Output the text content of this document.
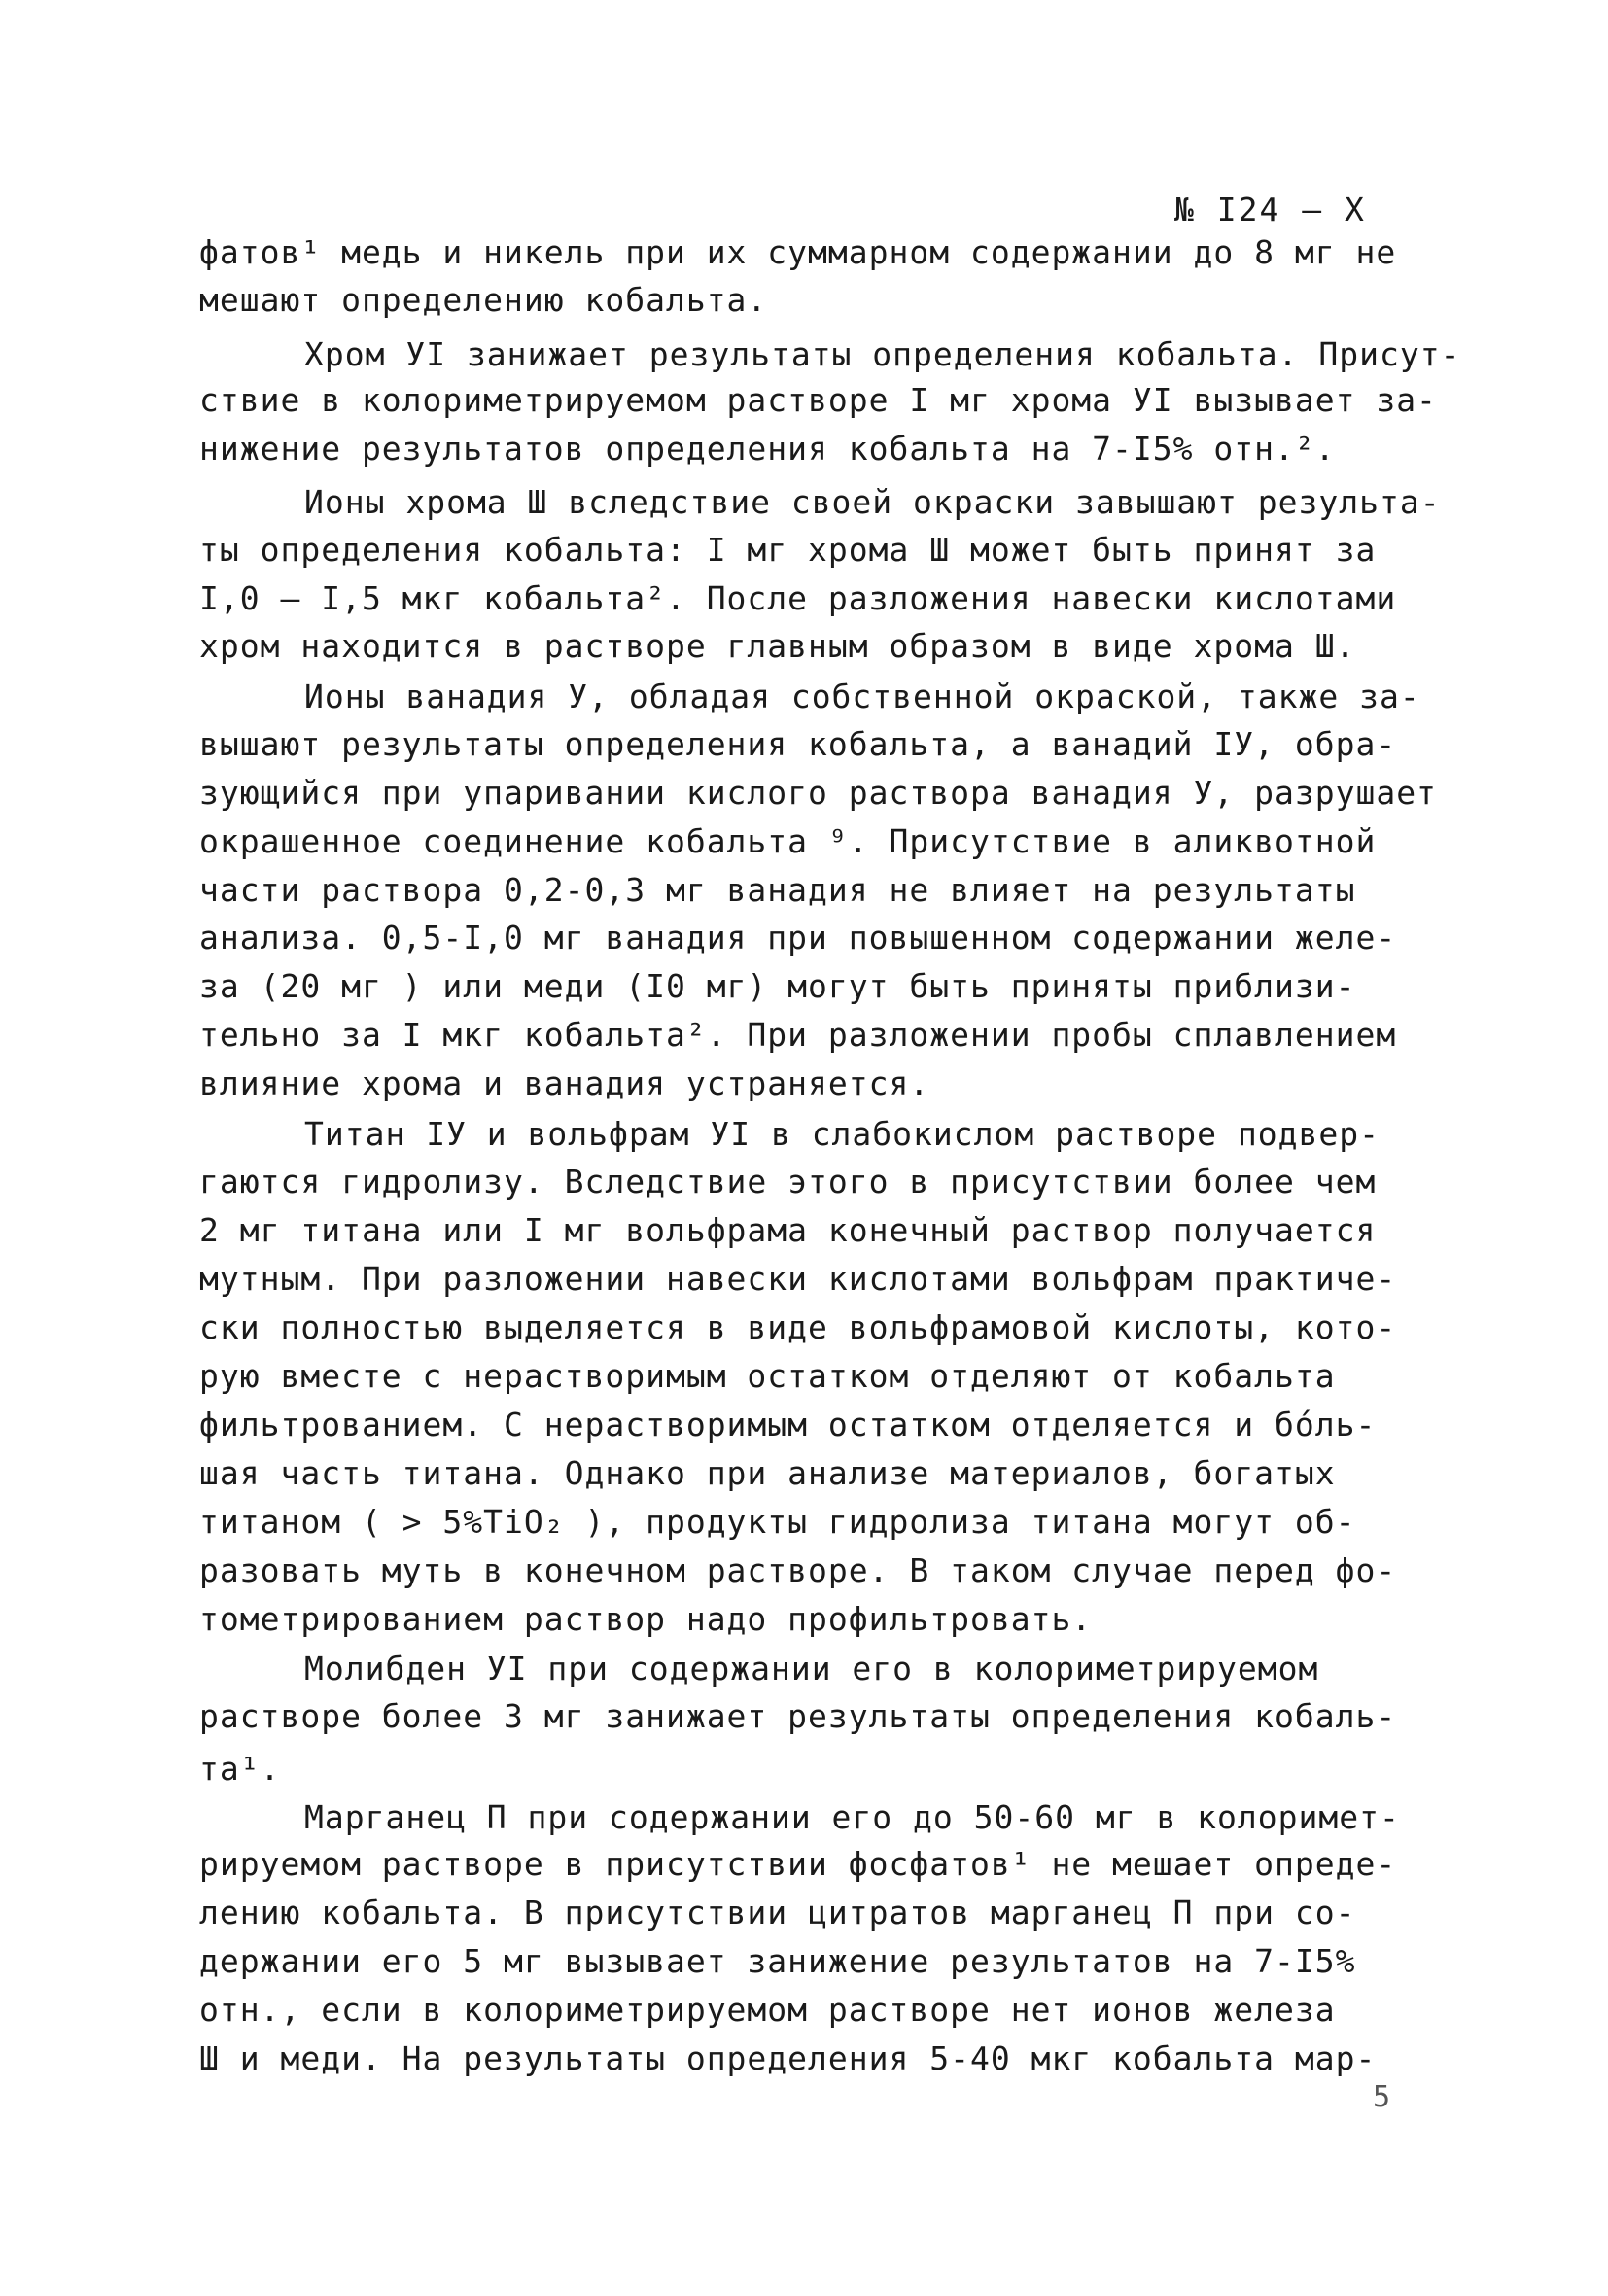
№ I24 – X
фатов¹ медь и никель при их суммарном содержании до 8 мг не
мешают определению кобальта.
Хром УI занижает результаты определения кобальта. Присут-
ствие в колориметрируемом растворе I мг хрома УI вызывает за-
нижение результатов определения кобальта на 7-I5% отн.².
Ионы хрома Ш вследствие своей окраски завышают результа-
ты определения кобальта: I мг хрома Ш может быть принят за
I,0 – I,5 мкг кобальта². После разложения навески кислотами
хром находится в растворе главным образом в виде хрома Ш.
Ионы ванадия У, обладая собственной окраской, также за-
вышают результаты определения кобальта, а ванадий IУ, обра-
зующийся при упаривании кислого раствора ванадия У, разрушает
окрашенное соединение кобальта ⁹. Присутствие в аликвотной
части раствора 0,2-0,3 мг ванадия не влияет на результаты
анализа. 0,5-I,0 мг ванадия при повышенном содержании желе-
за (20 мг ) или меди (I0 мг) могут быть приняты приблизи-
тельно за I мкг кобальта². При разложении пробы сплавлением
влияние хрома и ванадия устраняется.
Титан IУ и вольфрам УI в слабокислом растворе подвер-
гаются гидролизу. Вследствие этого в присутствии более чем
2 мг титана или I мг вольфрама конечный раствор получается
мутным. При разложении навески кислотами вольфрам практиче-
ски полностью выделяется в виде вольфрамовой кислоты, кото-
рую вместе с нерастворимым остатком отделяют от кобальта
фильтрованием. С нерастворимым остатком отделяется и бо́ль-
шая часть титана. Однако при анализе материалов, богатых
титаном ( > 5%TiO₂ ), продукты гидролиза титана могут об-
разовать муть в конечном растворе. В таком случае перед фо-
тометрированием раствор надо профильтровать.
Молибден УI при содержании его в колориметрируемом
растворе более 3 мг занижает результаты определения кобаль-
та¹.
Марганец П при содержании его до 50-60 мг в колоримет-
рируемом растворе в присутствии фосфатов¹ не мешает опреде-
лению кобальта. В присутствии цитратов марганец П при со-
держании его 5 мг вызывает занижение результатов на 7-I5%
отн., если в колориметрируемом растворе нет ионов железа
Ш и меди. На результаты определения 5-40 мкг кобальта мар-
5
